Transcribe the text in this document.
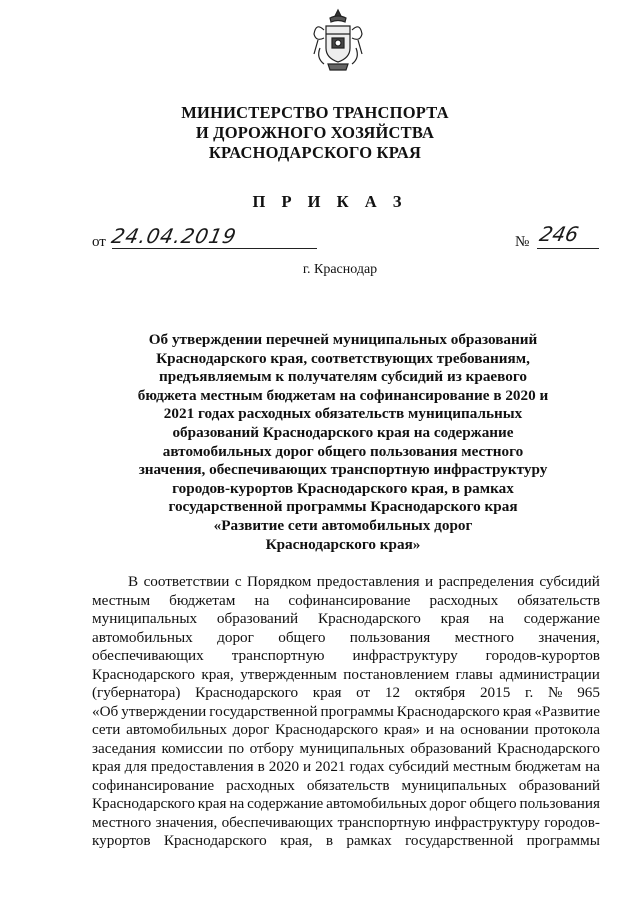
МИНИСТЕРСТВО ТРАНСПОРТА
И ДОРОЖНОГО ХОЗЯЙСТВА
КРАСНОДАРСКОГО КРАЯ
П Р И К А З
от 24.04.2019	№ 246
г. Краснодар
Об утверждении перечней муниципальных образований
Краснодарского края, соответствующих требованиям,
предъявляемым к получателям субсидий из краевого
бюджета местным бюджетам на софинансирование в 2020 и
2021 годах расходных обязательств муниципальных
образований Краснодарского края на содержание
автомобильных дорог общего пользования местного
значения, обеспечивающих транспортную инфраструктуру
городов-курортов Краснодарского края, в рамках
государственной программы Краснодарского края
«Развитие сети автомобильных дорог
Краснодарского края»
В соответствии с Порядком предоставления и распределения субсидий
местным бюджетам на софинансирование расходных обязательств
муниципальных образований Краснодарского края на содержание
автомобильных дорог общего пользования местного значения,
обеспечивающих транспортную инфраструктуру городов-курортов
Краснодарского края, утвержденным постановлением главы администрации
(губернатора) Краснодарского края от 12 октября 2015 г. № 965
«Об утверждении государственной программы Краснодарского края «Развитие
сети автомобильных дорог Краснодарского края» и на основании протокола
заседания комиссии по отбору муниципальных образований Краснодарского
края для предоставления в 2020 и 2021 годах субсидий местным бюджетам на
софинансирование расходных обязательств муниципальных образований
Краснодарского края на содержание автомобильных дорог общего пользования
местного значения, обеспечивающих транспортную инфраструктуру городов-
курортов Краснодарского края, в рамках государственной программы
